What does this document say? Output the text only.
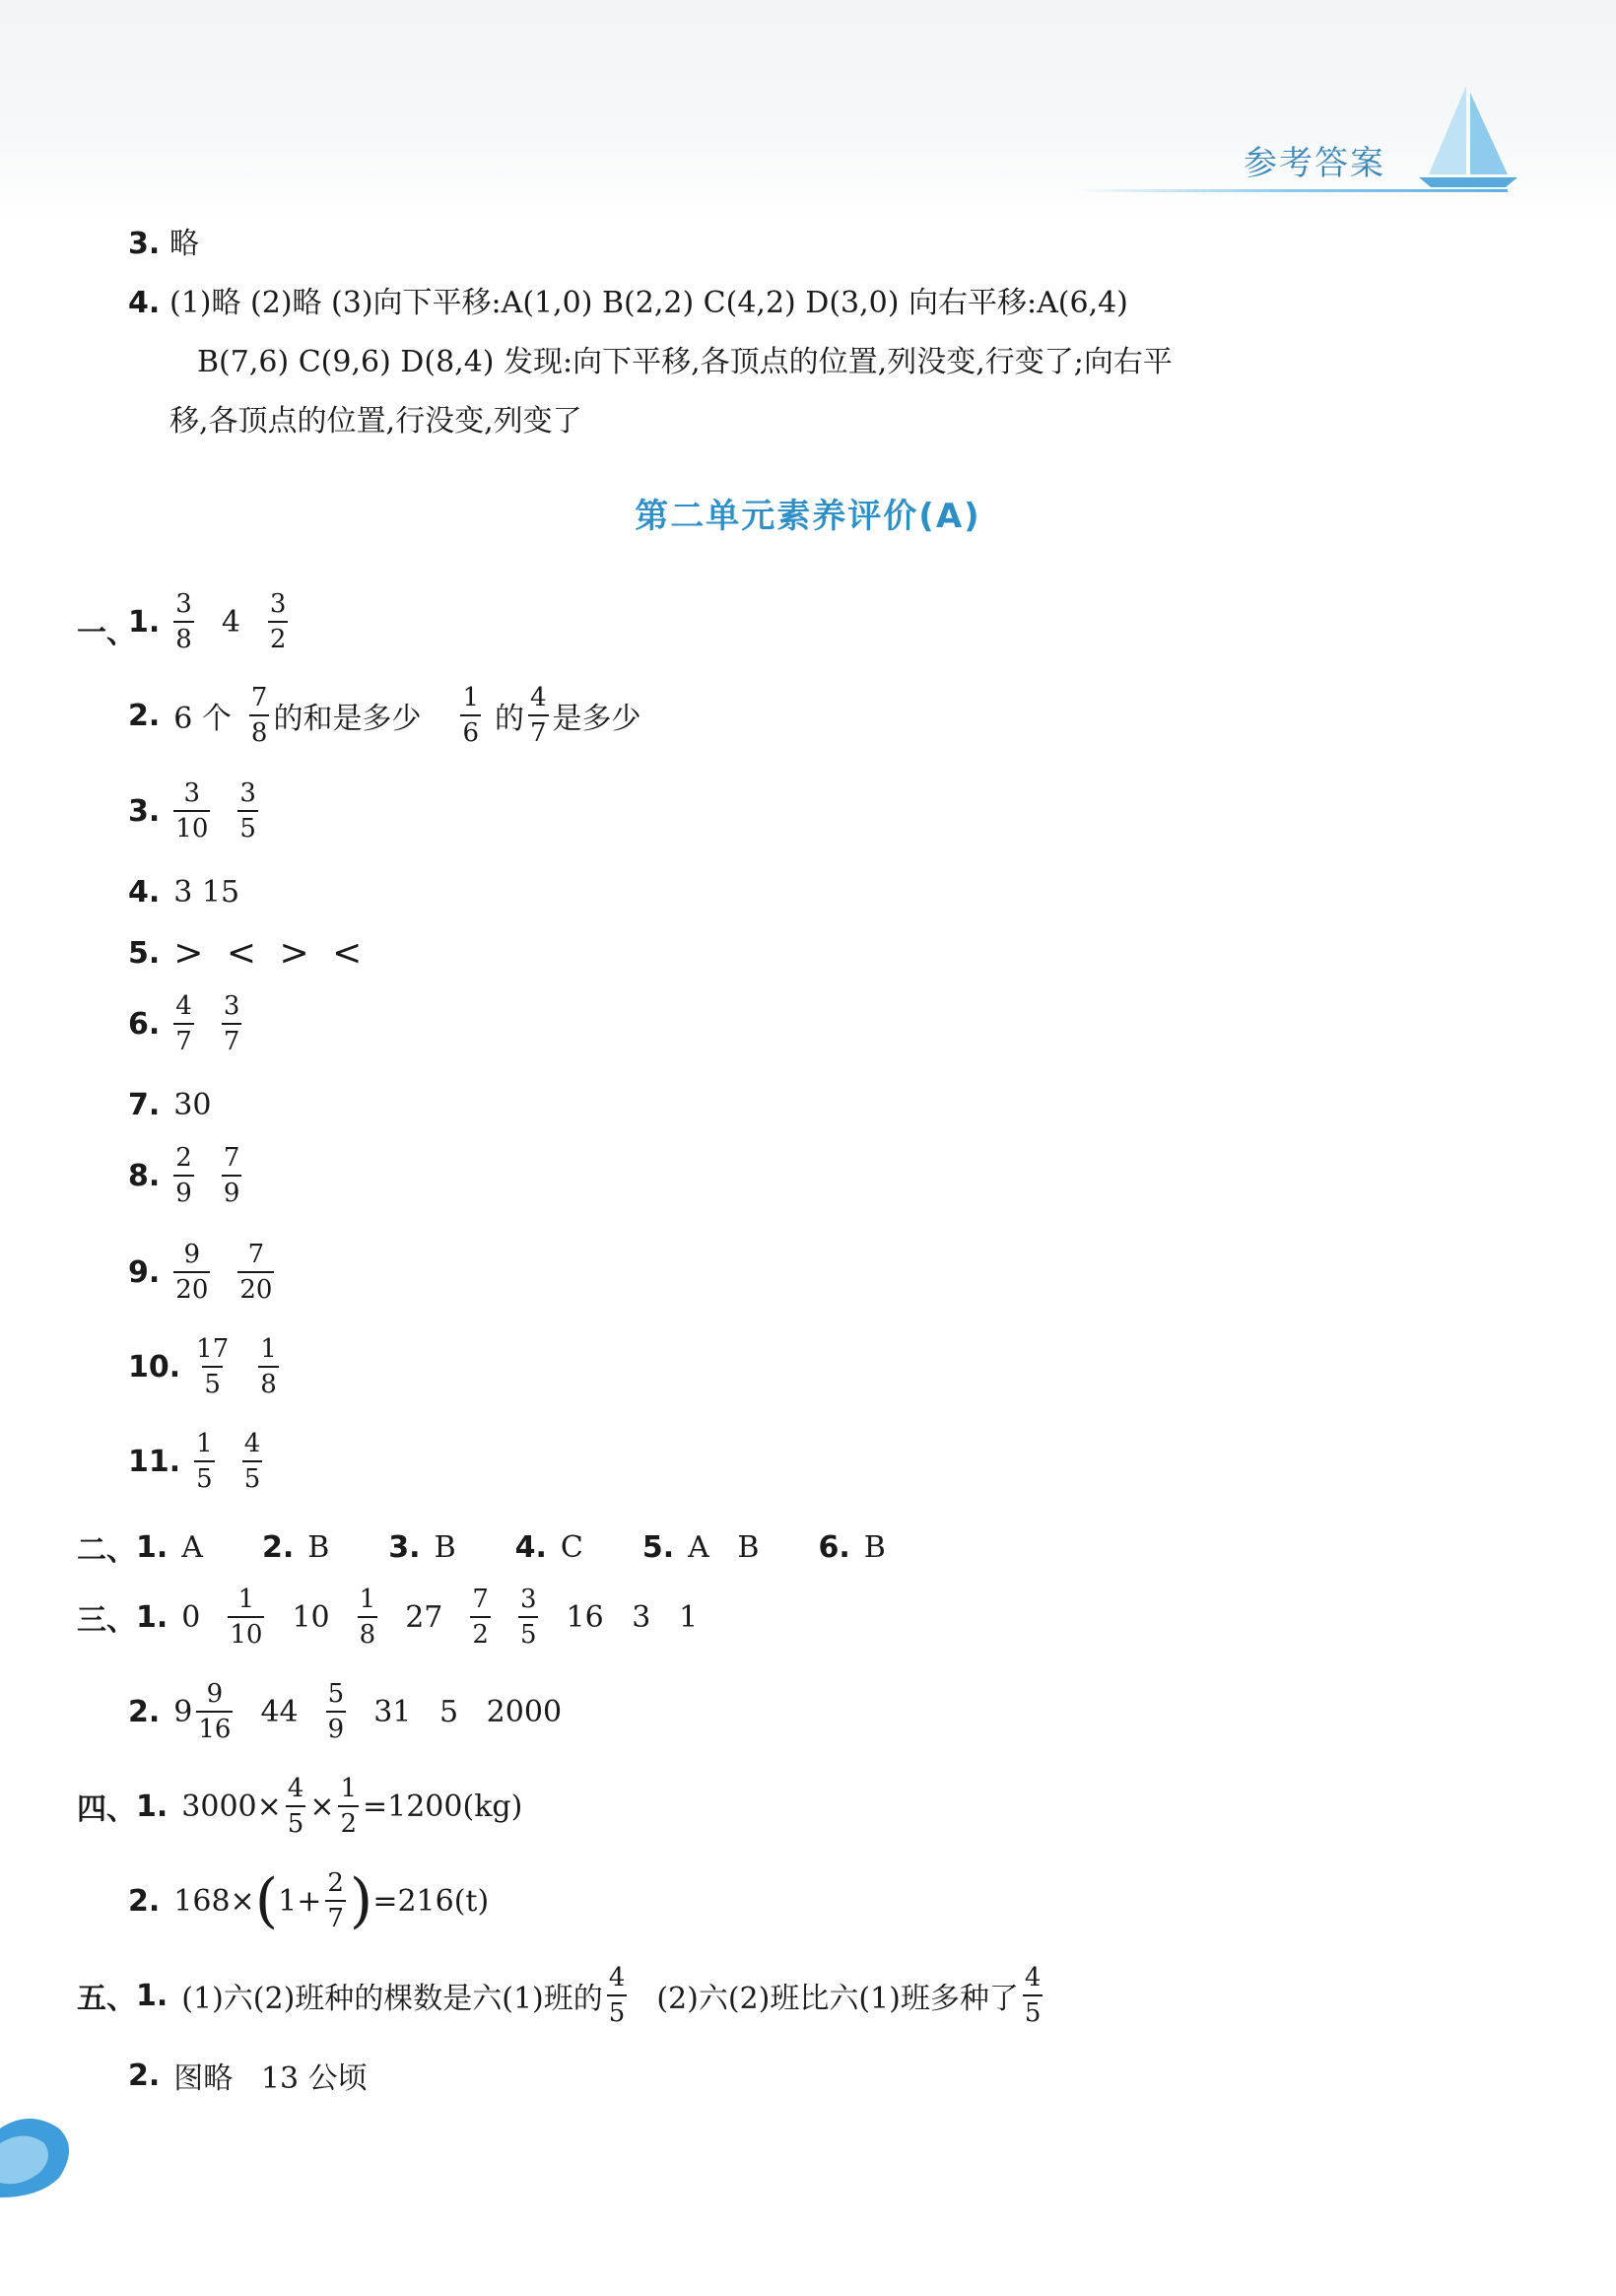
参考答案
3. 略
4. (1)略 (2)略 (3)向下平移:A(1,0) B(2,2) C(4,2) D(3,0) 向右平移:A(6,4)
B(7,6) C(9,6) D(8,4) 发现:向下平移,各顶点的位置,列没变,行变了;向右平
移,各顶点的位置,行没变,列变了
第二单元素养评价(A)
一、
1. $\frac{3}{8} 4 \frac{3}{2}$
2. 6 个 $\frac{7}{8}$ 的和是多少 $\frac{1}{6}$ 的 $\frac{4}{7}$ 是多少
3. $\frac{3}{10} \frac{3}{5}$
4. 3 15
5. > < > <
6. $\frac{4}{7} \frac{3}{7}$
7. 30
8. $\frac{2}{9} \frac{7}{9}$
9. $\frac{9}{20} \frac{7}{20}$
10. $\frac{17}{5} \frac{1}{8}$
11. $\frac{1}{5} \frac{4}{5}$
二、 1. A 2. B 3. B 4. C 5. A   B 6. B
三、 1. $0 \frac{1}{10} 10 \frac{1}{8} 27 \frac{7}{2} \frac{3}{5} 16$   3   1
2. $9 \frac{9}{16} 44 \frac{5}{9} 31$   5   2000
四、 1. $3000\times \frac{4}{5} \times \frac{1}{2} =1200(kg)$
2. 168× ( $1+ \frac{2}{7}$ ) =216(t)
五、 1. (1)六(2)班种的棵数是六(1)班的 $\frac{4}{5} (2)$六(2)班比六(1)班多种了 $\frac{4}{5}$
2. 图略   13 公顷
